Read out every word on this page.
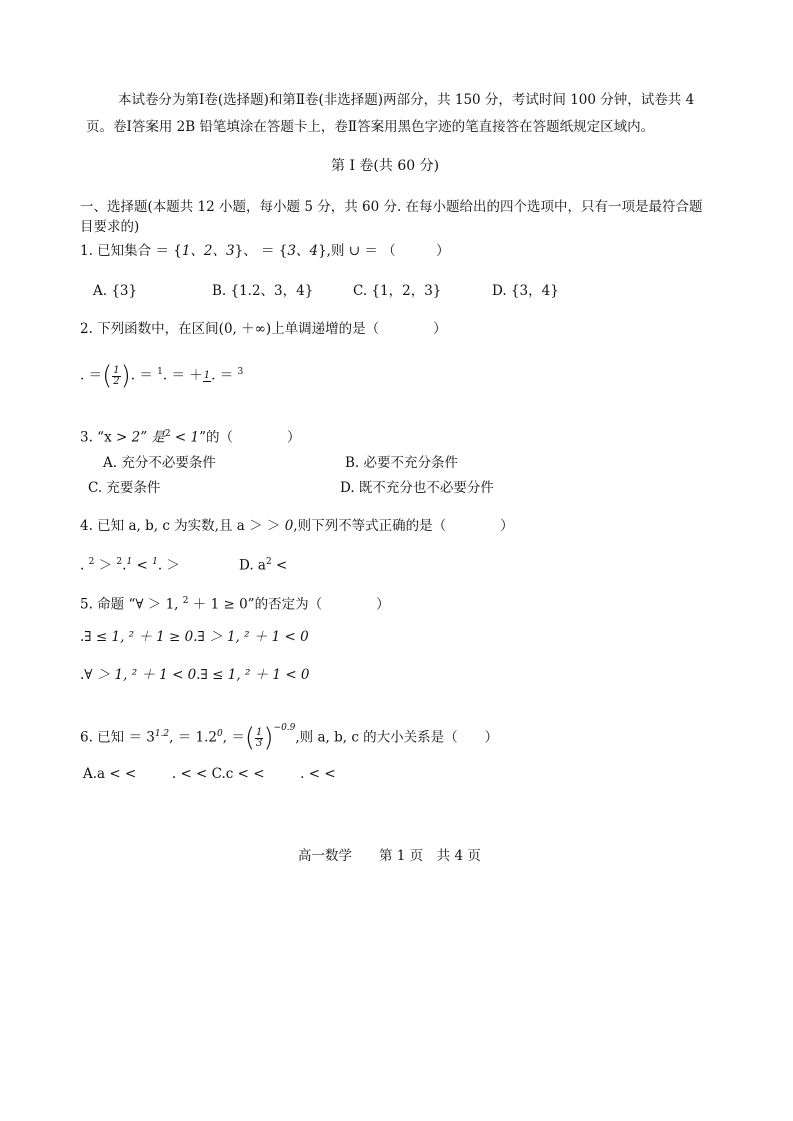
本试卷分为第Ⅰ卷(选择题)和第Ⅱ卷(非选择题)两部分，共 150 分，考试时间 100 分钟，试卷共 4
页。卷Ⅰ答案用 2B 铅笔填涂在答题卡上，卷Ⅱ答案用黑色字迹的笔直接答在答题纸规定区域内。
第 Ⅰ 卷(共 60 分)
一、选择题(本题共 12 小题，每小题 5 分，共 60 分. 在每小题给出的四个选项中，只有一项是最符合题
目要求的)
1. 已知集合 ＝ {1、2、3}、 ＝ {3、4},则 ∪ ＝ （　　　）
A. {3}	B. {1.2、3，4}	C. {1，2，3}	D. {3，4}
2. 下列函数中，在区间(0, ＋∞)上单调递增的是（　　　　）
. ＝( $\frac{1}{2}$ ). ＝ $^1$. ＝ ＋ 1 . ＝ $^3$
3. “x > 2” 是$^2$ < 1”的（　　　　）
A. 充分不必要条件	B. 必要不充分条件
C. 充要条件	D. 既不充分也不必要分件
4. 已知 a, b, c 为实数,且 a ＞ ＞ 0,则下列不等式正确的是（　　　　）
. $^2$ ＞ $^2$.$^1$ < $^1$. ＞	D. $a^2$ <
5. 命题 “∀ ＞ 1, $^2$ ＋ 1 ≥ 0”的否定为（　　　　）
.∃ ≤ 1, ² ＋ 1 ≥ 0.∃ ＞ 1, ² ＋ 1 < 0
.∀ ＞ 1, ² ＋ 1 < 0.∃ ≤ 1, ² ＋ 1 < 0
6. 已知 ＝ $3^{1.2}$, ＝ $1.2^0$, ＝( $\frac{1}{3} )^{-0.9}$,则 a, b, c 的大小关系是（　　）
A.a < < 　　 . < < C.c < < 　　 . < <
高一数学　　第 1 页　共 4 页
